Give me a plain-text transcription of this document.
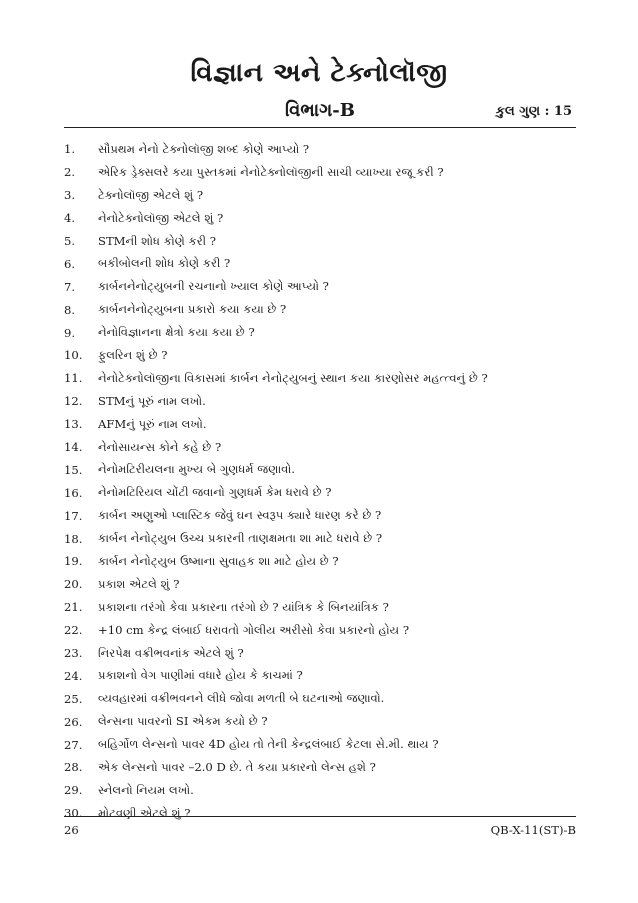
વિજ્ઞાન અને ટેક્નોલૉજી
વિભાગ-B	કુલ ગુણ : 15
1.	સૌપ્રથમ નેનો ટેક્નોલૉજી શબ્દ કોણે આપ્યો ?
2.	એરિક ડ્રેક્સલરે કયા પુસ્તકમાં નેનોટેક્નોલૉજીની સાચી વ્યાખ્યા રજૂ કરી ?
3.	ટેક્નોલૉજી એટલે શું ?
4.	નેનોટેક્નોલૉજી એટલે શું ?
5.	STMની શોધ કોણે કરી ?
6.	બકીબોલની શોધ કોણે કરી ?
7.	કાર્બનનેનોટ્યુબની રચનાનો ખ્યાલ કોણે આપ્યો ?
8.	કાર્બનનેનોટ્યુબના પ્રકારો કયા કયા છે ?
9.	નેનોવિજ્ઞાનના ક્ષેત્રો કયા કયા છે ?
10.	ફુલરિન શું છે ?
11.	નેનોટેક્નોલૉજીના વિકાસમાં કાર્બન નેનોટ્યુબનું સ્થાન કયા કારણોસર મહત્ત્વનું છે ?
12.	STMનું પૂરું નામ લખો.
13.	AFMનું પૂરું નામ લખો.
14.	નેનોસાયન્સ કોને કહે છે ?
15.	નેનોમટિરીયલના મુખ્ય બે ગુણધર્મ જણાવો.
16.	નેનોમટિરિયલ ચોંટી જવાનો ગુણધર્મ કેમ ધરાવે છે ?
17.	કાર્બન અણુઓ પ્લાસ્ટિક જેવું ઘન સ્વરૂપ ક્યારે ધારણ કરે છે ?
18.	કાર્બન નેનોટ્યુબ ઉચ્ચ પ્રકારની તાણક્ષમતા શા માટે ધરાવે છે ?
19.	કાર્બન નેનોટ્યુબ ઉષ્માના સુવાહક શા માટે હોય છે ?
20.	પ્રકાશ એટલે શું ?
21.	પ્રકાશના તરંગો કેવા પ્રકારના તરંગો છે ? યાંત્રિક કે બિનયાંત્રિક ?
22.	+10 cm કેન્દ્ર લંબાઈ ધરાવતો ગોલીય અરીસો કેવા પ્રકારનો હોય ?
23.	નિરપેક્ષ વક્રીભવનાંક એટલે શું ?
24.	પ્રકાશનો વેગ પાણીમાં વધારે હોય કે કાચમાં ?
25.	વ્યવહારમાં વક્રીભવનને લીધે જોવા મળતી બે ઘટનાઓ જણાવો.
26.	લેન્સના પાવરનો SI એકમ કયો છે ?
27.	બહિર્ગોળ લેન્સનો પાવર 4D હોય તો તેની કેન્દ્રલંબાઈ કેટલા સે.મી. થાય ?
28.	એક લેન્સનો પાવર –2.0 D છે. તે કયા પ્રકારનો લેન્સ હશે ?
29.	સ્નેલનો નિયમ લખો.
30.	મોટવણી એટલે શું ?
26	QB-X-11(ST)-B
